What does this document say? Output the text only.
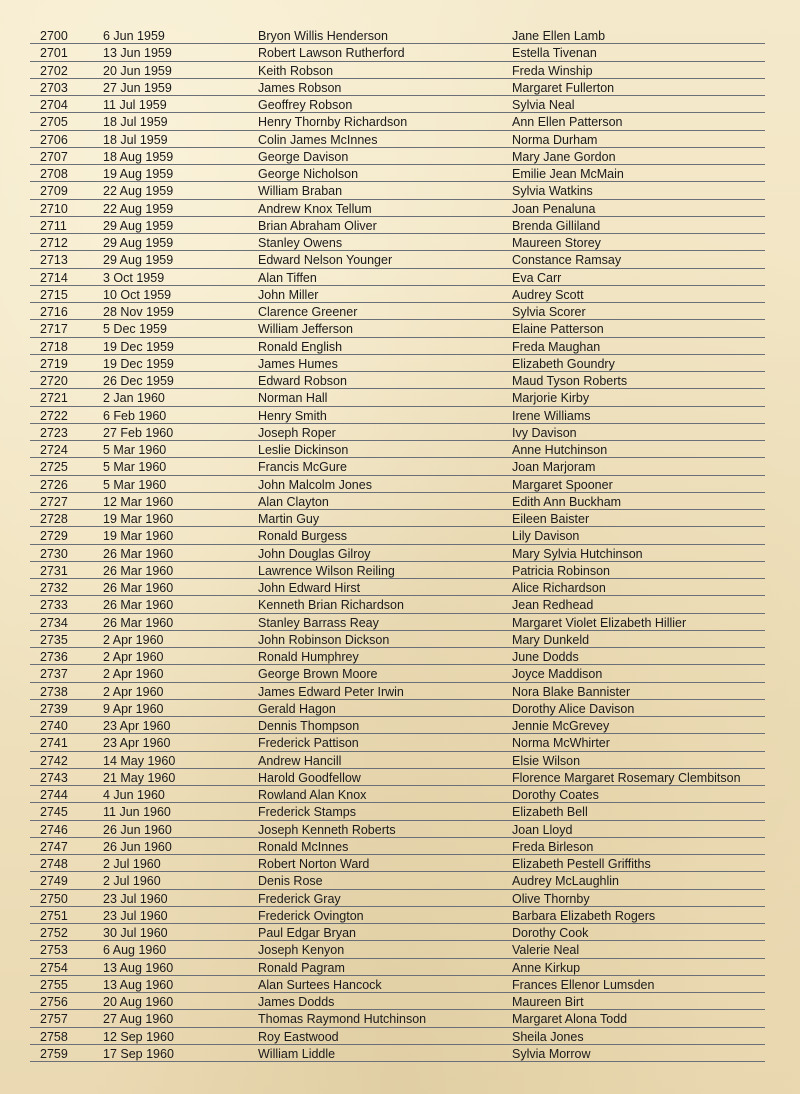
2700	6 Jun 1959	Bryon Willis Henderson	Jane Ellen Lamb
2701	13 Jun 1959	Robert Lawson Rutherford	Estella Tivenan
2702	20 Jun 1959	Keith Robson	Freda Winship
2703	27 Jun 1959	James Robson	Margaret Fullerton
2704	11 Jul 1959	Geoffrey Robson	Sylvia Neal
2705	18 Jul 1959	Henry Thornby Richardson	Ann Ellen Patterson
2706	18 Jul 1959	Colin James McInnes	Norma Durham
2707	18 Aug 1959	George Davison	Mary Jane Gordon
2708	19 Aug 1959	George Nicholson	Emilie Jean McMain
2709	22 Aug 1959	William Braban	Sylvia Watkins
2710	22 Aug 1959	Andrew Knox Tellum	Joan Penaluna
2711	29 Aug 1959	Brian Abraham Oliver	Brenda Gilliland
2712	29 Aug 1959	Stanley Owens	Maureen Storey
2713	29 Aug 1959	Edward Nelson Younger	Constance Ramsay
2714	3 Oct 1959	Alan Tiffen	Eva Carr
2715	10 Oct 1959	John Miller	Audrey Scott
2716	28 Nov 1959	Clarence Greener	Sylvia Scorer
2717	5 Dec 1959	William Jefferson	Elaine Patterson
2718	19 Dec 1959	Ronald English	Freda Maughan
2719	19 Dec 1959	James Humes	Elizabeth Goundry
2720	26 Dec 1959	Edward Robson	Maud Tyson Roberts
2721	2 Jan 1960	Norman Hall	Marjorie Kirby
2722	6 Feb 1960	Henry Smith	Irene Williams
2723	27 Feb 1960	Joseph Roper	Ivy Davison
2724	5 Mar 1960	Leslie Dickinson	Anne Hutchinson
2725	5 Mar 1960	Francis McGure	Joan Marjoram
2726	5 Mar 1960	John Malcolm Jones	Margaret Spooner
2727	12 Mar 1960	Alan Clayton	Edith Ann Buckham
2728	19 Mar 1960	Martin Guy	Eileen Baister
2729	19 Mar 1960	Ronald Burgess	Lily Davison
2730	26 Mar 1960	John Douglas Gilroy	Mary Sylvia Hutchinson
2731	26 Mar 1960	Lawrence Wilson Reiling	Patricia Robinson
2732	26 Mar 1960	John Edward Hirst	Alice Richardson
2733	26 Mar 1960	Kenneth Brian Richardson	Jean Redhead
2734	26 Mar 1960	Stanley Barrass Reay	Margaret Violet Elizabeth Hillier
2735	2 Apr 1960	John Robinson Dickson	Mary Dunkeld
2736	2 Apr 1960	Ronald Humphrey	June Dodds
2737	2 Apr 1960	George Brown Moore	Joyce Maddison
2738	2 Apr 1960	James Edward Peter Irwin	Nora Blake Bannister
2739	9 Apr 1960	Gerald Hagon	Dorothy Alice Davison
2740	23 Apr 1960	Dennis Thompson	Jennie McGrevey
2741	23 Apr 1960	Frederick Pattison	Norma McWhirter
2742	14 May 1960	Andrew Hancill	Elsie Wilson
2743	21 May 1960	Harold Goodfellow	Florence Margaret Rosemary Clembitson
2744	4 Jun 1960	Rowland Alan Knox	Dorothy Coates
2745	11 Jun 1960	Frederick Stamps	Elizabeth Bell
2746	26 Jun 1960	Joseph Kenneth Roberts	Joan Lloyd
2747	26 Jun 1960	Ronald McInnes	Freda Birleson
2748	2 Jul 1960	Robert Norton Ward	Elizabeth Pestell Griffiths
2749	2 Jul 1960	Denis Rose	Audrey McLaughlin
2750	23 Jul 1960	Frederick Gray	Olive Thornby
2751	23 Jul 1960	Frederick Ovington	Barbara Elizabeth Rogers
2752	30 Jul 1960	Paul Edgar Bryan	Dorothy Cook
2753	6 Aug 1960	Joseph Kenyon	Valerie Neal
2754	13 Aug 1960	Ronald Pagram	Anne Kirkup
2755	13 Aug 1960	Alan Surtees Hancock	Frances Ellenor Lumsden
2756	20 Aug 1960	James Dodds	Maureen Birt
2757	27 Aug 1960	Thomas Raymond Hutchinson	Margaret Alona Todd
2758	12 Sep 1960	Roy Eastwood	Sheila Jones
2759	17 Sep 1960	William Liddle	Sylvia Morrow
